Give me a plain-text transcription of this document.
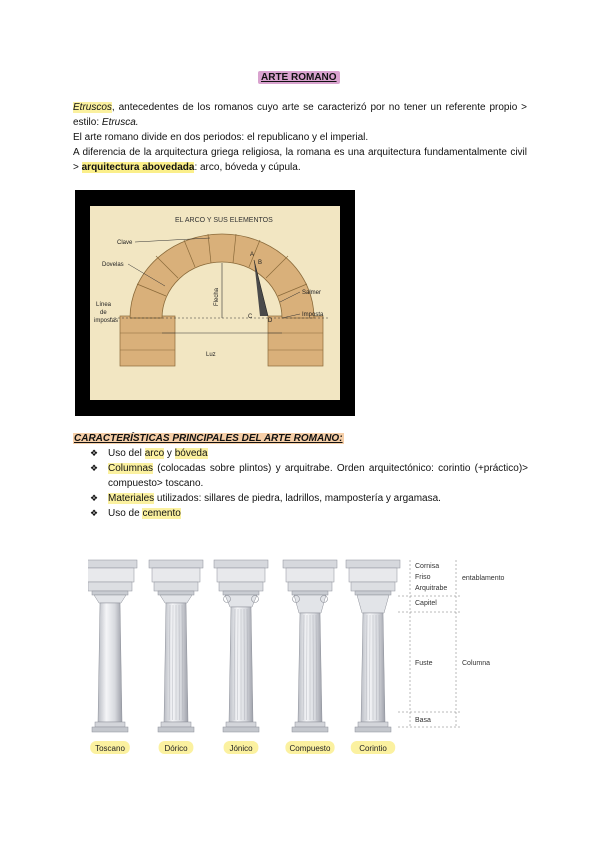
ARTE ROMANO

Etruscos, antecedentes de los romanos cuyo arte se caracterizó por no tener un referente propio > estilo: Etrusca.

El arte romano divide en dos periodos: el republicano y el imperial.

A diferencia de la arquitectura griega religiosa, la romana es una arquitectura fundamentalmente civil > arquitectura abovedada: arco, bóveda y cúpula.

EL ARCO Y SUS ELEMENTOS
Clave
Dovelas
Salmer
Imposta
Línea
de
impostas
Luz
A
B
C
D
Flecha
CARACTERÍSTICAS PRINCIPALES DEL ARTE ROMANO:
❖ Uso del arco y bóveda
❖ Columnas (colocadas sobre plintos) y arquitrabe. Orden arquitectónico: corintio (+práctico)> compuesto> toscano.
❖ Materiales utilizados: sillares de piedra, ladrillos, mampostería y argamasa.
❖ Uso de cemento
Cornisa
Friso
Arquitrabe
Capitel
Fuste
Basa
entablamento
Columna
Toscano	Dórico	Jónico	Compuesto	Corintio
